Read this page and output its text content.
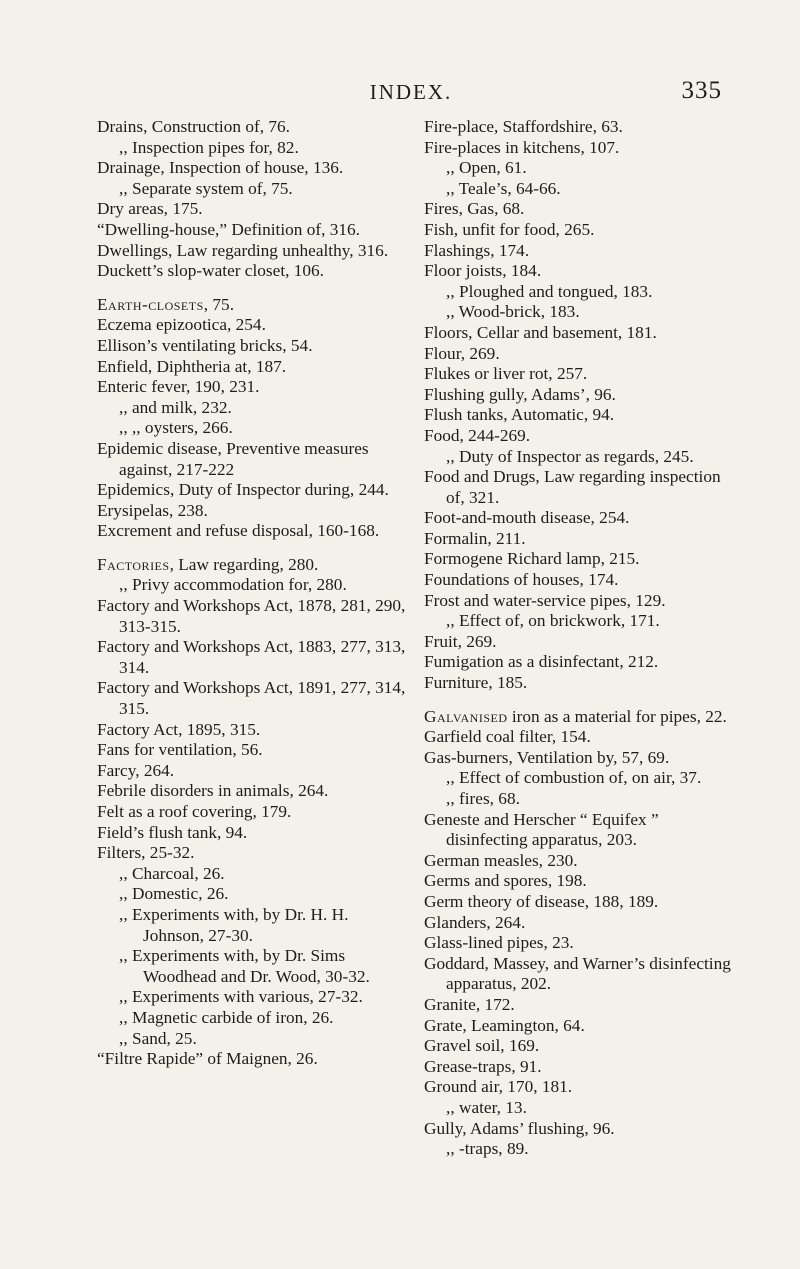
INDEX.	335

Drains, Construction of, 76.

,, Inspection pipes for, 82.

Drainage, Inspection of house, 136.

,, Separate system of, 75.

Dry areas, 175.

“Dwelling-house,” Definition of, 316.

Dwellings, Law regarding unhealthy, 316.

Duckett’s slop-water closet, 106.

Earth-closets, 75.

Eczema epizootica, 254.

Ellison’s ventilating bricks, 54.

Enfield, Diphtheria at, 187.

Enteric fever, 190, 231.

,, and milk, 232.

,, ,, oysters, 266.

Epidemic disease, Preventive measures against, 217-222

Epidemics, Duty of Inspector during, 244.

Erysipelas, 238.

Excrement and refuse disposal, 160-168.

Factories, Law regarding, 280.

,, Privy accommodation for, 280.

Factory and Workshops Act, 1878, 281, 290, 313-315.

Factory and Workshops Act, 1883, 277, 313, 314.

Factory and Workshops Act, 1891, 277, 314, 315.

Factory Act, 1895, 315.

Fans for ventilation, 56.

Farcy, 264.

Febrile disorders in animals, 264.

Felt as a roof covering, 179.

Field’s flush tank, 94.

Filters, 25-32.

,, Charcoal, 26.

,, Domestic, 26.

,, Experiments with, by Dr. H. H. Johnson, 27-30.

,, Experiments with, by Dr. Sims Woodhead and Dr. Wood, 30-32.

,, Experiments with various, 27-32.

,, Magnetic carbide of iron, 26.

,, Sand, 25.

“Filtre Rapide” of Maignen, 26.

Fire-place, Staffordshire, 63.

Fire-places in kitchens, 107.

,, Open, 61.

,, Teale’s, 64-66.

Fires, Gas, 68.

Fish, unfit for food, 265.

Flashings, 174.

Floor joists, 184.

,, Ploughed and tongued, 183.

,, Wood-brick, 183.

Floors, Cellar and basement, 181.

Flour, 269.

Flukes or liver rot, 257.

Flushing gully, Adams’, 96.

Flush tanks, Automatic, 94.

Food, 244-269.

,, Duty of Inspector as regards, 245.

Food and Drugs, Law regarding inspection of, 321.

Foot-and-mouth disease, 254.

Formalin, 211.

Formogene Richard lamp, 215.

Foundations of houses, 174.

Frost and water-service pipes, 129.

,, Effect of, on brickwork, 171.

Fruit, 269.

Fumigation as a disinfectant, 212.

Furniture, 185.

Galvanised iron as a material for pipes, 22.

Garfield coal filter, 154.

Gas-burners, Ventilation by, 57, 69.

,, Effect of combustion of, on air, 37.

,, fires, 68.

Geneste and Herscher “ Equifex ” disinfecting apparatus, 203.

German measles, 230.

Germs and spores, 198.

Germ theory of disease, 188, 189.

Glanders, 264.

Glass-lined pipes, 23.

Goddard, Massey, and Warner’s disinfecting apparatus, 202.

Granite, 172.

Grate, Leamington, 64.

Gravel soil, 169.

Grease-traps, 91.

Ground air, 170, 181.

,, water, 13.

Gully, Adams’ flushing, 96.

,, -traps, 89.
